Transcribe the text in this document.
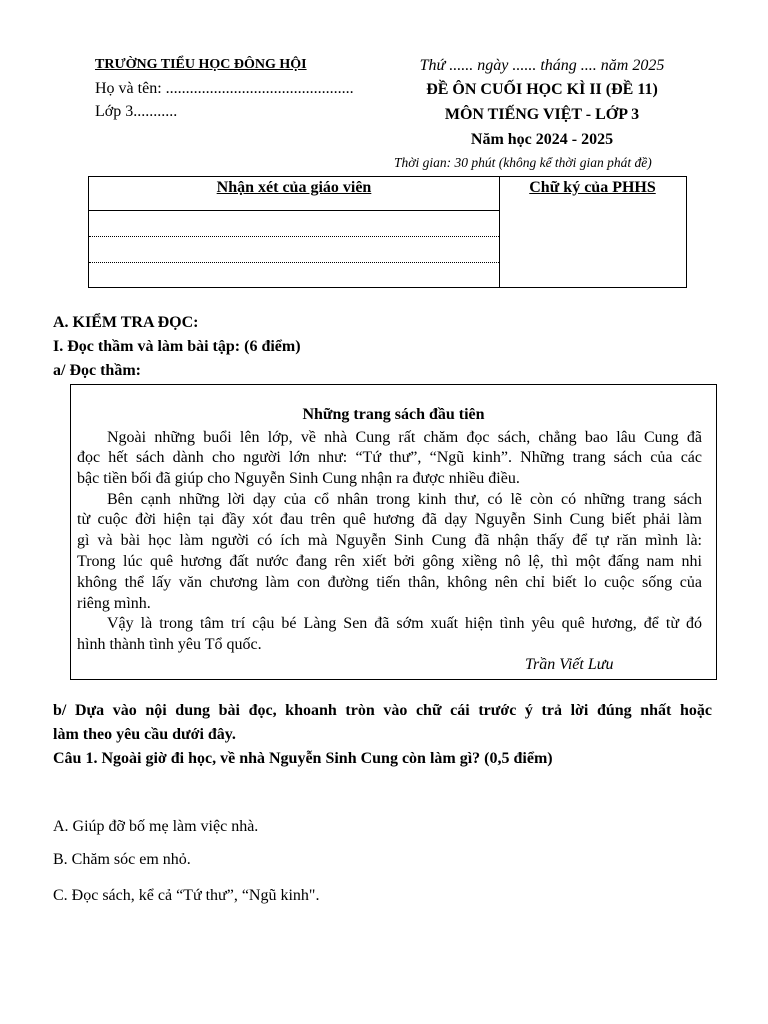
TRƯỜNG TIỂU HỌC ĐÔNG HỘI
Họ và tên: ...............................................
Lớp 3...........
Thứ ...... ngày ...... tháng .... năm 2025
ĐỀ ÔN CUỐI HỌC KÌ II (ĐỀ 11)
MÔN TIẾNG VIỆT - LỚP 3
Năm học 2024 - 2025
Thời gian: 30 phút (không kể thời gian phát đề)
Nhận xét của giáo viên	Chữ ký của PHHS
A. KIỂM TRA ĐỌC:
I. Đọc thầm và làm bài tập: (6 điểm)
a/ Đọc thầm:
Những trang sách đầu tiên
Ngoài những buổi lên lớp, về nhà Cung rất chăm đọc sách, chẳng bao lâu Cung đã
đọc hết sách dành cho người lớn như: “Tứ thư”, “Ngũ kinh”. Những trang sách của các
bậc tiền bối đã giúp cho Nguyễn Sinh Cung nhận ra được nhiều điều.
Bên cạnh những lời dạy của cổ nhân trong kinh thư, có lẽ còn có những trang sách
từ cuộc đời hiện tại đầy xót đau trên quê hương đã dạy Nguyễn Sinh Cung biết phải làm
gì và bài học làm người có ích mà Nguyễn Sinh Cung đã nhận thấy để tự răn mình là:
Trong lúc quê hương đất nước đang rên xiết bởi gông xiềng nô lệ, thì một đấng nam nhi
không thể lấy văn chương làm con đường tiến thân, không nên chỉ biết lo cuộc sống của
riêng mình.
Vậy là trong tâm trí cậu bé Làng Sen đã sớm xuất hiện tình yêu quê hương, để từ đó
hình thành tình yêu Tổ quốc.
Trần Viết Lưu
b/ Dựa vào nội dung bài đọc, khoanh tròn vào chữ cái trước ý trả lời đúng nhất hoặc
làm theo yêu cầu dưới đây.
Câu 1. Ngoài giờ đi học, về nhà Nguyễn Sinh Cung còn làm gì? (0,5 điểm)
A. Giúp đỡ bố mẹ làm việc nhà.
B. Chăm sóc em nhỏ.
C. Đọc sách, kể cả “Tứ thư”, “Ngũ kinh".
